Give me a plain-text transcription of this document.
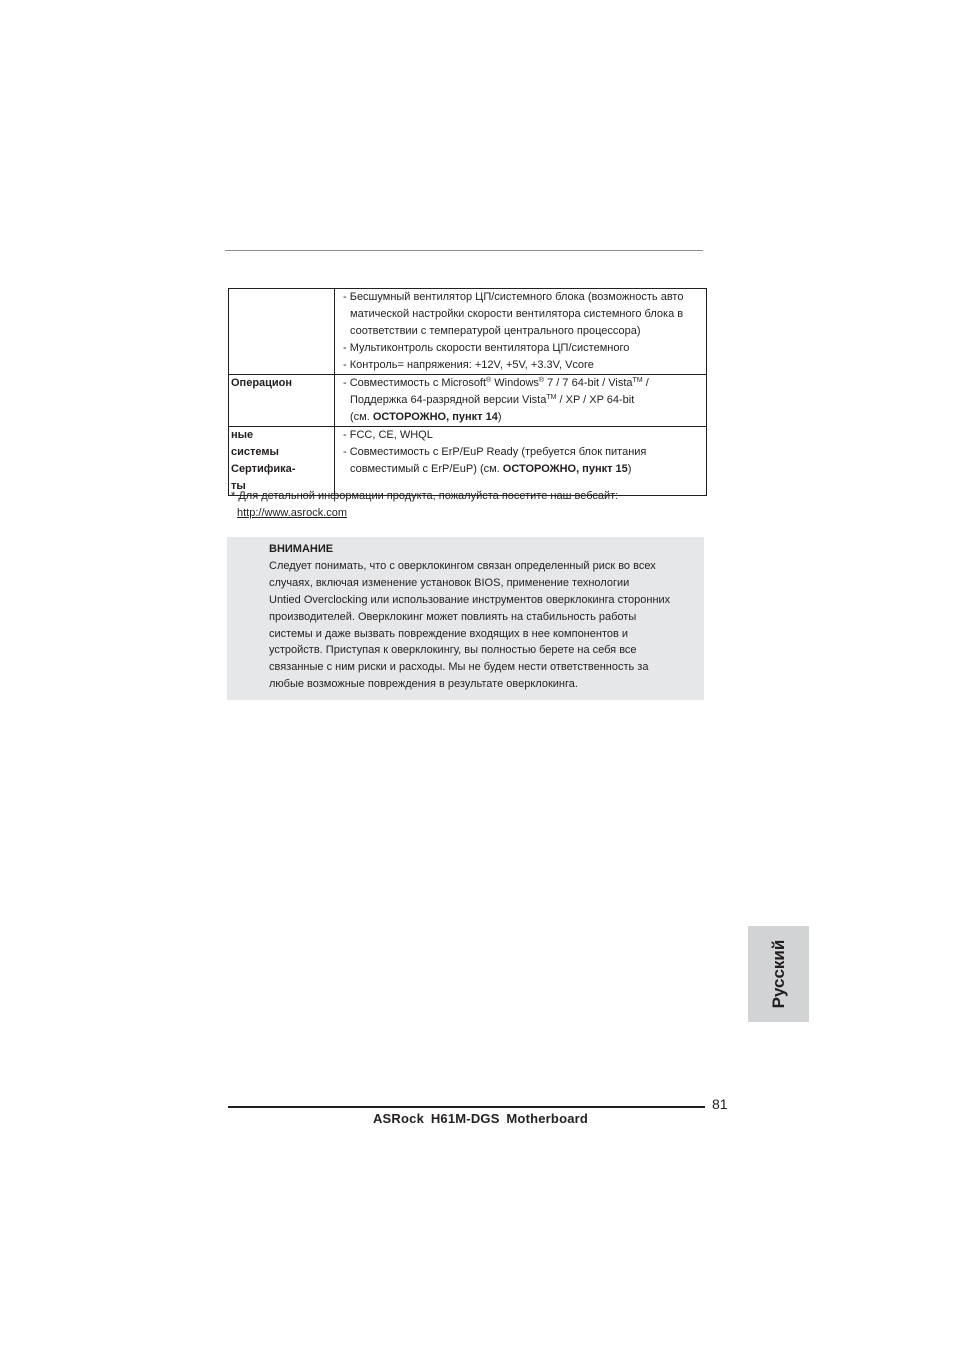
	- Бесшумный вентилятор ЦП/системного блока (возможность авто
матической настройки скорости вентилятора системного блока в
соответствии с температурой центрального процессора)
- Мультиконтроль скорости вентилятора ЦП/системного
- Контроль= напряжения: +12V, +5V, +3.3V, Vcore

Операцион	- Совместимость с Microsoft® Windows® 7 / 7 64-bit / Vista™ /
Поддержка 64-разрядной версии Vista™ / XP / XP 64-bit
(см. ОСТОРОЖНО, пункт 14)

ные
системы
Сертифика-
ты	- FCC, CE, WHQL
- Совместимость с ErP/EuP Ready (требуется блок питания
совместимый с ErP/EuP) (см. ОСТОРОЖНО, пункт 15)
* Для детальной информации продукта, пожалуйста посетите наш вебсайт:
http://www.asrock.com
ВНИМАНИЕ
Следует понимать, что с оверклокингом связан определенный риск во всех
случаях, включая изменение установок BIOS, применение технологии
Untied Overclocking или использование инструментов оверклокинга сторонних
производителей. Оверклокинг может повлиять на стабильность работы
системы и даже вызвать повреждение входящих в нее компонентов и
устройств. Приступая к оверклокингу, вы полностью берете на себя все
связанные с ним риски и расходы. Мы не будем нести ответственность за
любые возможные повреждения в результате оверклокинга.
Русский
81
ASRock H61M-DGS Motherboard
